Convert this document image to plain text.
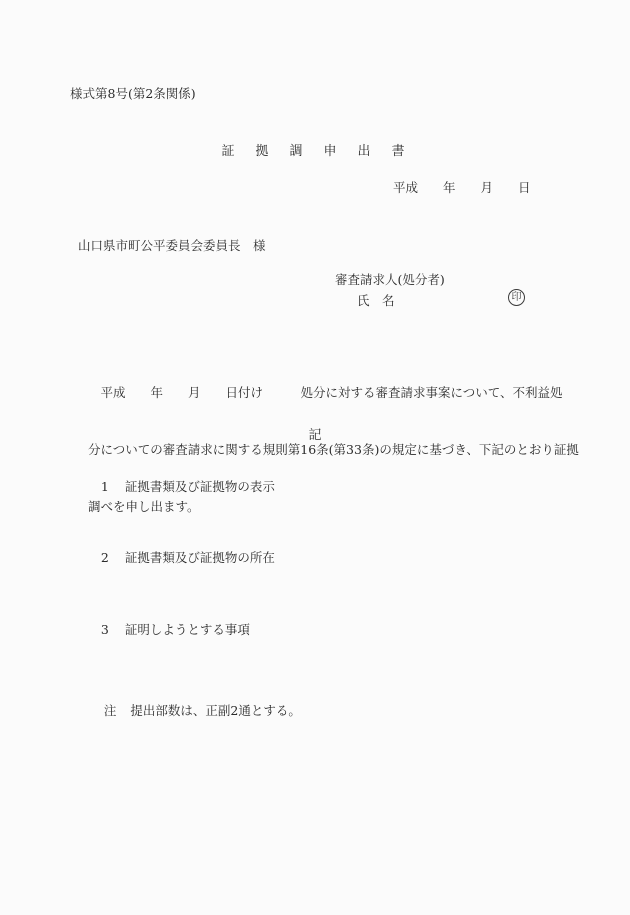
様式第8号(第2条関係)
証　拠　調　申　出　書
平成　　年　　月　　日
山口県市町公平委員会委員長　様
審査請求人(処分者)
氏　名	印

　平成　　年　　月　　日付け　　　処分に対する審査請求事案について、不利益処

分についての審査請求に関する規則第16条(第33条)の規定に基づき、下記のとおり証拠

調べを申し出ます。

記

1 証拠書類及び証拠物の表示

2 証拠書類及び証拠物の所在

3 証明しようとする事項

注 提出部数は、正副2通とする。
